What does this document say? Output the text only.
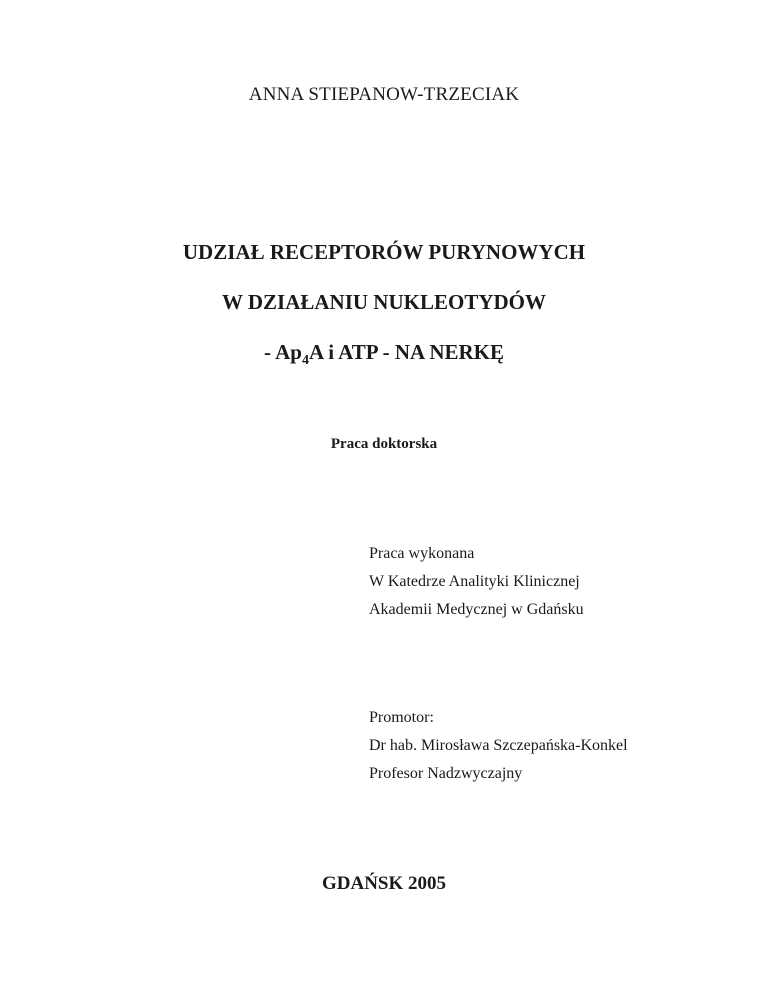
ANNA STIEPANOW-TRZECIAK
UDZIAŁ RECEPTORÓW PURYNOWYCH
W DZIAŁANIU NUKLEOTYDÓW
- $Ap_4A$ i ATP - NA NERKĘ
Praca doktorska
Praca wykonana
W Katedrze Analityki Klinicznej
Akademii Medycznej w Gdańsku
Promotor:
Dr hab. Mirosława Szczepańska-Konkel
Profesor Nadzwyczajny
GDAŃSK 2005
